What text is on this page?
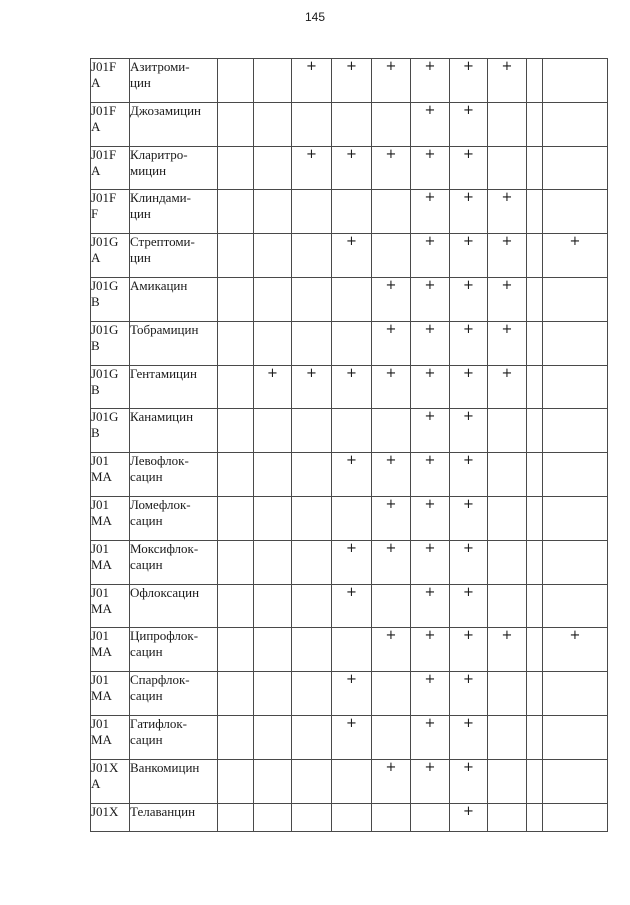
145
J01F
A	Азитроми-
цин			+	+	+	+	+	+		
J01F
A	Джозамицин						+	+			
J01F
A	Кларитро-
мицин			+	+	+	+	+			
J01F
F	Клиндами-
цин						+	+	+		
J01G
A	Стрептоми-
цин				+		+	+	+		+
J01G
B	Амикацин					+	+	+	+		
J01G
B	Тобрамицин					+	+	+	+		
J01G
B	Гентамицин		+	+	+	+	+	+	+		
J01G
B	Канамицин						+	+			
J01
MA	Левофлок-
сацин				+	+	+	+			
J01
MA	Ломефлок-
сацин					+	+	+			
J01
MA	Моксифлок-
сацин				+	+	+	+			
J01
MA	Офлоксацин				+		+	+			
J01
MA	Ципрофлок-
сацин					+	+	+	+		+
J01
MA	Спарфлок-
сацин				+		+	+			
J01
MA	Гатифлок-
сацин				+		+	+			
J01X
A	Ванкомицин					+	+	+			
J01X	Телаванцин							+			
